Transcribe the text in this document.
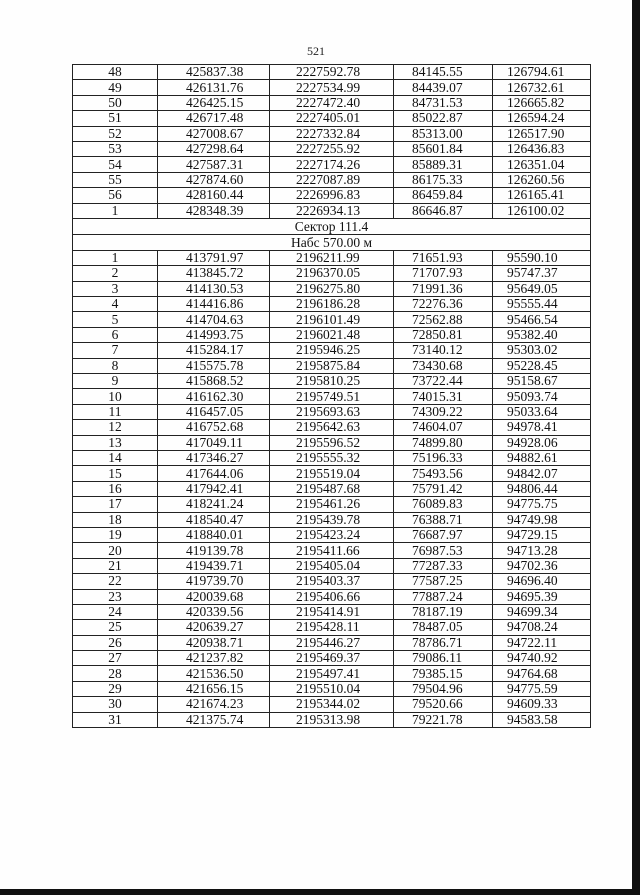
521
48	425837.38	2227592.78	84145.55	126794.61
49	426131.76	2227534.99	84439.07	126732.61
50	426425.15	2227472.40	84731.53	126665.82
51	426717.48	2227405.01	85022.87	126594.24
52	427008.67	2227332.84	85313.00	126517.90
53	427298.64	2227255.92	85601.84	126436.83
54	427587.31	2227174.26	85889.31	126351.04
55	427874.60	2227087.89	86175.33	126260.56
56	428160.44	2226996.83	86459.84	126165.41
1	428348.39	2226934.13	86646.87	126100.02
Сектор 111.4				
Набс 570.00 м				
1	413791.97	2196211.99	71651.93	95590.10
2	413845.72	2196370.05	71707.93	95747.37
3	414130.53	2196275.80	71991.36	95649.05
4	414416.86	2196186.28	72276.36	95555.44
5	414704.63	2196101.49	72562.88	95466.54
6	414993.75	2196021.48	72850.81	95382.40
7	415284.17	2195946.25	73140.12	95303.02
8	415575.78	2195875.84	73430.68	95228.45
9	415868.52	2195810.25	73722.44	95158.67
10	416162.30	2195749.51	74015.31	95093.74
11	416457.05	2195693.63	74309.22	95033.64
12	416752.68	2195642.63	74604.07	94978.41
13	417049.11	2195596.52	74899.80	94928.06
14	417346.27	2195555.32	75196.33	94882.61
15	417644.06	2195519.04	75493.56	94842.07
16	417942.41	2195487.68	75791.42	94806.44
17	418241.24	2195461.26	76089.83	94775.75
18	418540.47	2195439.78	76388.71	94749.98
19	418840.01	2195423.24	76687.97	94729.15
20	419139.78	2195411.66	76987.53	94713.28
21	419439.71	2195405.04	77287.33	94702.36
22	419739.70	2195403.37	77587.25	94696.40
23	420039.68	2195406.66	77887.24	94695.39
24	420339.56	2195414.91	78187.19	94699.34
25	420639.27	2195428.11	78487.05	94708.24
26	420938.71	2195446.27	78786.71	94722.11
27	421237.82	2195469.37	79086.11	94740.92
28	421536.50	2195497.41	79385.15	94764.68
29	421656.15	2195510.04	79504.96	94775.59
30	421674.23	2195344.02	79520.66	94609.33
31	421375.74	2195313.98	79221.78	94583.58
